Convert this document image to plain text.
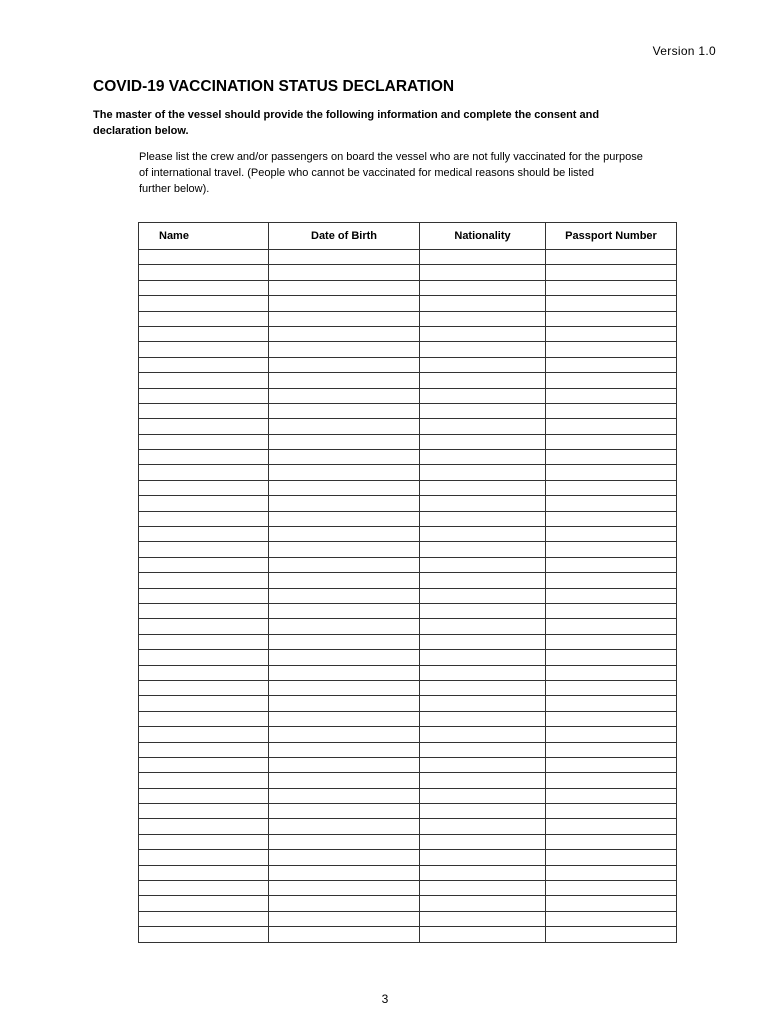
Version 1.0
COVID-19 VACCINATION STATUS DECLARATION

The master of the vessel should provide the following information and complete the consent and declaration below.

Please list the crew and/or passengers on board the vessel who are not fully vaccinated for the purpose
of international travel. (People who cannot be vaccinated for medical reasons should be listed
further below).

Name	Date of Birth	Nationality	Passport Number

3
